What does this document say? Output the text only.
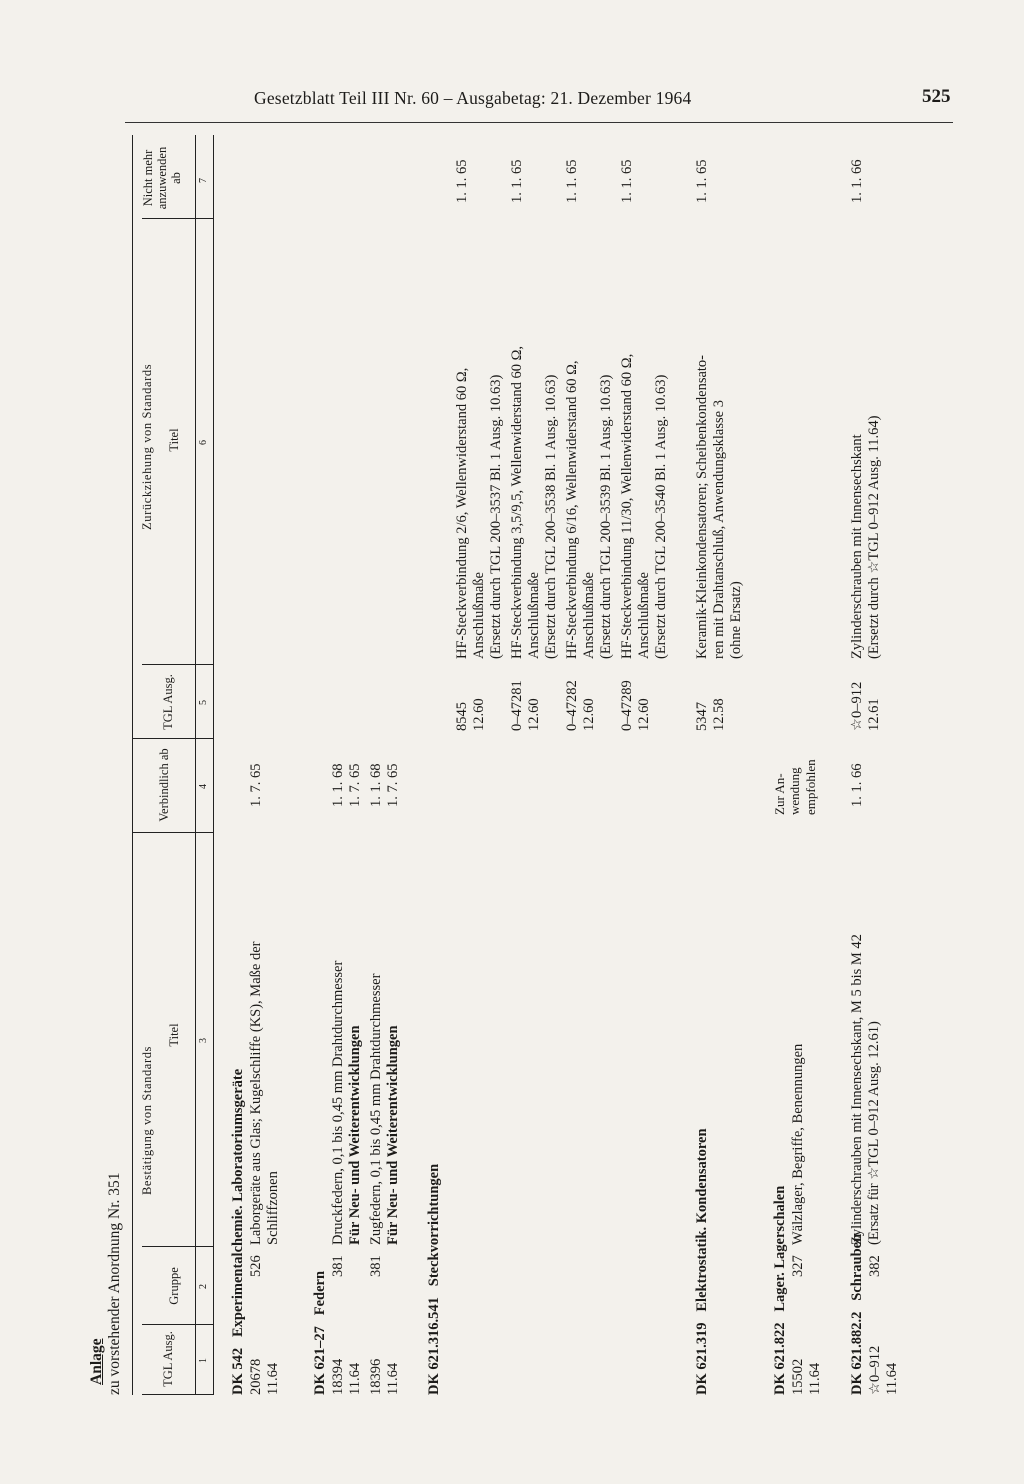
Gesetzblatt Teil III Nr. 60 – Ausgabetag: 21. Dezember 1964	525
Anlage zu vorstehender Anordnung Nr. 351
Bestätigung von Standards
Zurückziehung von Standards
TGL Ausg.
Gruppe
Titel
Verbindlich ab
TGL Ausg.
Titel
Nicht mehr anzuwenden ab
1
2
3
4
5
6
7
DK 542   Experimentalchemie. Laboratoriumsgeräte
20678 11.64
526
Laborgeräte aus Glas; Kugelschliffe (KS), Maße der Schliffzonen
1. 7. 65
DK 621–27   Federn
18394 11.64
381
Druckfedern, 0,1 bis 0,45 mm Drahtdurchmesser Für Neu- und Weiterentwicklungen
1. 1. 68 1. 7. 65
18396 11.64
381
Zugfedern, 0,1 bis 0,45 mm Drahtdurchmesser Für Neu- und Weiterentwicklungen
1. 1. 68 1. 7. 65
DK 621.316.541   Steckvorrichtungen
8545 12.60
HF-Steckverbindung 2/6, Wellenwiderstand 60 Ω, Anschlußmaße (Ersetzt durch TGL 200–3537 Bl. 1 Ausg. 10.63)
1. 1. 65
0–47281 12.60
HF-Steckverbindung 3,5/9,5, Wellenwiderstand 60 Ω, Anschlußmaße (Ersetzt durch TGL 200–3538 Bl. 1 Ausg. 10.63)
1. 1. 65
0–47282 12.60
HF-Steckverbindung 6/16, Wellenwiderstand 60 Ω, Anschlußmaße (Ersetzt durch TGL 200–3539 Bl. 1 Ausg. 10.63)
1. 1. 65
0–47289 12.60
HF-Steckverbindung 11/30, Wellenwiderstand 60 Ω, Anschlußmaße (Ersetzt durch TGL 200–3540 Bl. 1 Ausg. 10.63)
1. 1. 65
DK 621.319   Elektrostatik. Kondensatoren
5347 12.58
Keramik-Kleinkondensatoren; Scheibenkondensato- ren mit Drahtanschluß, Anwendungsklasse 3 (ohne Ersatz)
1. 1. 65
DK 621.822   Lager. Lagerschalen
15502 11.64
327
Wälzlager, Begriffe, Benennungen
Zur An- wendung empfohlen
DK 621.882.2   Schrauben
☆0–912 11.64
382
Zylinderschrauben mit Innensechskant, M 5 bis M 42 (Ersatz für ☆TGL 0–912 Ausg. 12.61)
1. 1. 66
☆0–912 12.61
Zylinderschrauben mit Innensechskant (Ersetzt durch ☆TGL 0–912 Ausg. 11.64)
1. 1. 66
